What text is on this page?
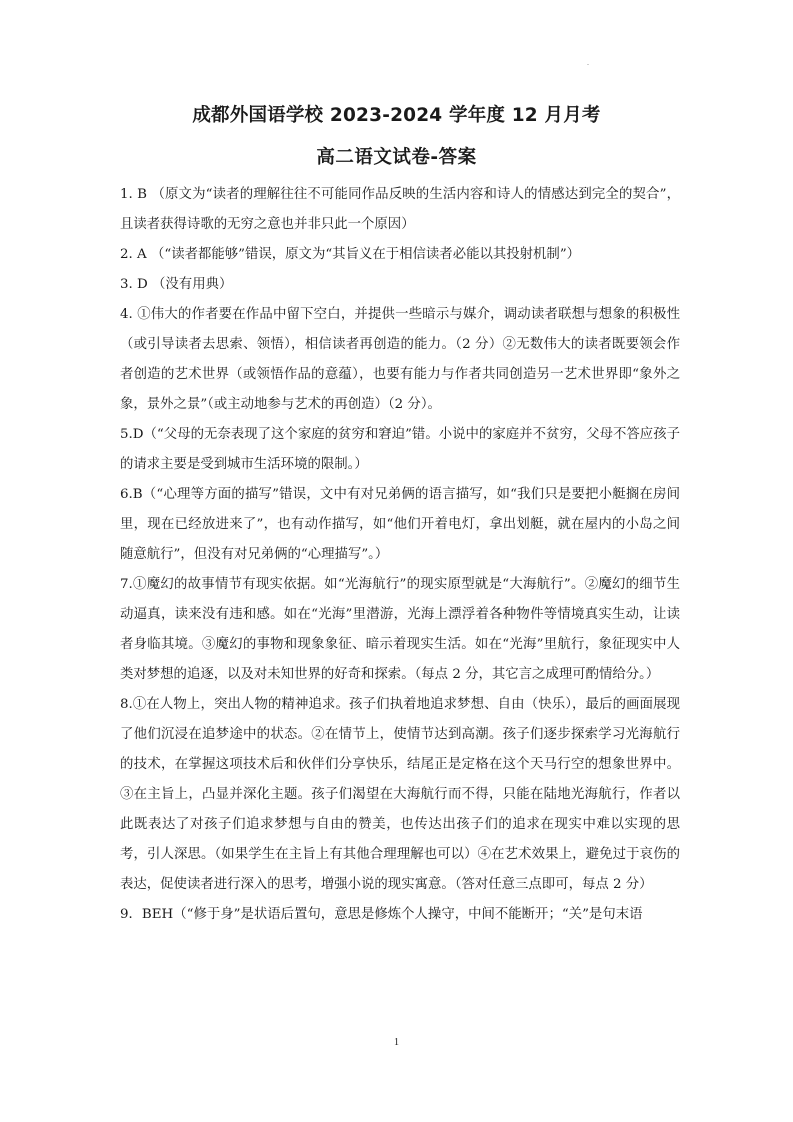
成都外国语学校 2023-2024 学年度 12 月月考
高二语文试卷-答案

1. B （原文为“读者的理解往往不可能同作品反映的生活内容和诗人的情感达到完全的契合”，且读者获得诗歌的无穷之意也并非只此一个原因）

2. A （“读者都能够”错误，原文为“其旨义在于相信读者必能以其投射机制”）

3. D （没有用典）

4. ①伟大的作者要在作品中留下空白，并提供一些暗示与媒介，调动读者联想与想象的积极性（或引导读者去思索、领悟），相信读者再创造的能力。（2 分）②无数伟大的读者既要领会作者创造的艺术世界（或领悟作品的意蕴），也要有能力与作者共同创造另一艺术世界即“象外之象，景外之景”（或主动地参与艺术的再创造）（2 分）。

5.D（“父母的无奈表现了这个家庭的贫穷和窘迫”错。小说中的家庭并不贫穷，父母不答应孩子的请求主要是受到城市生活环境的限制。）

6.B（“心理等方面的描写”错误，文中有对兄弟俩的语言描写，如“我们只是要把小艇搁在房间里，现在已经放进来了”，也有动作描写，如“他们开着电灯，拿出划艇，就在屋内的小岛之间随意航行”，但没有对兄弟俩的“心理描写”。）

7.①魔幻的故事情节有现实依据。如“光海航行”的现实原型就是“大海航行”。②魔幻的细节生动逼真，读来没有违和感。如在“光海”里潜游，光海上漂浮着各种物件等情境真实生动，让读者身临其境。③魔幻的事物和现象象征、暗示着现实生活。如在“光海”里航行，象征现实中人类对梦想的追逐，以及对未知世界的好奇和探索。（每点 2 分，其它言之成理可酌情给分。）

8.①在人物上，突出人物的精神追求。孩子们执着地追求梦想、自由（快乐），最后的画面展现了他们沉浸在追梦途中的状态。②在情节上，使情节达到高潮。孩子们逐步探索学习光海航行的技术，在掌握这项技术后和伙伴们分享快乐，结尾正是定格在这个天马行空的想象世界中。③在主旨上，凸显并深化主题。孩子们渴望在大海航行而不得，只能在陆地光海航行，作者以此既表达了对孩子们追求梦想与自由的赞美，也传达出孩子们的追求在现实中难以实现的思考，引人深思。（如果学生在主旨上有其他合理理解也可以）④在艺术效果上，避免过于哀伤的表达，促使读者进行深入的思考，增强小说的现实寓意。（答对任意三点即可，每点 2 分）

9．BEH（“修于身”是状语后置句，意思是修炼个人操守，中间不能断开；“关”是句末语

1
